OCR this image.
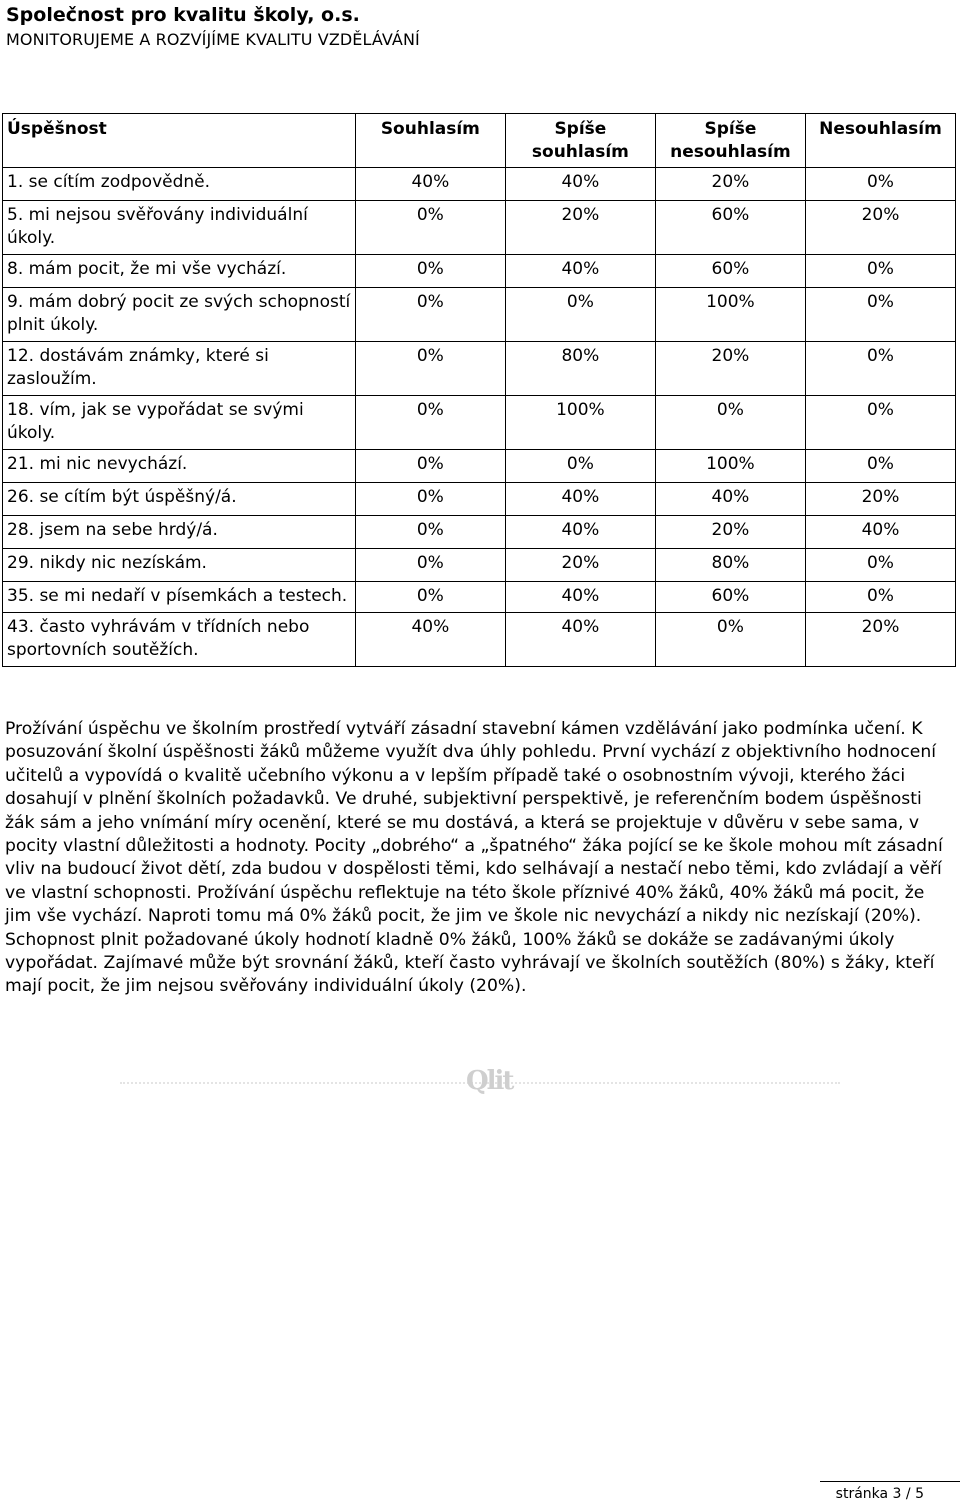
Společnost pro kvalitu školy, o.s.
MONITORUJEME A ROZVÍJÍME KVALITU VZDĚLÁVÁNÍ
Úspěšnost	Souhlasím	Spíše souhlasím	Spíše nesouhlasím	Nesouhlasím
1. se cítím zodpovědně.	40%	40%	20%	0%
5. mi nejsou svěřovány individuální úkoly.	0%	20%	60%	20%
8. mám pocit, že mi vše vychází.	0%	40%	60%	0%
9. mám dobrý pocit ze svých schopností plnit úkoly.	0%	0%	100%	0%
12. dostávám známky, které si zasloužím.	0%	80%	20%	0%
18. vím, jak se vypořádat se svými úkoly.	0%	100%	0%	0%
21. mi nic nevychází.	0%	0%	100%	0%
26. se cítím být úspěšný/á.	0%	40%	40%	20%
28. jsem na sebe hrdý/á.	0%	40%	20%	40%
29. nikdy nic nezískám.	0%	20%	80%	0%
35. se mi nedaří v písemkách a testech.	0%	40%	60%	0%
43. často vyhrávám v třídních nebo sportovních soutěžích.	40%	40%	0%	20%
Prožívání úspěchu ve školním prostředí vytváří zásadní stavební kámen vzdělávání jako podmínka učení. K posuzování školní úspěšnosti žáků můžeme využít dva úhly pohledu. První vychází z objektivního hodnocení učitelů a vypovídá o kvalitě učebního výkonu a v lepším případě také o osobnostním vývoji, kterého žáci dosahují v plnění školních požadavků. Ve druhé, subjektivní perspektivě, je referenčním bodem úspěšnosti žák sám a jeho vnímání míry ocenění, které se mu dostává, a která se projektuje v důvěru v sebe sama, v pocity vlastní důležitosti a hodnoty. Pocity „dobrého“ a „špatného“ žáka pojící se ke škole mohou mít zásadní vliv na budoucí život dětí, zda budou v dospělosti těmi, kdo selhávají a nestačí nebo těmi, kdo zvládají a věří ve vlastní schopnosti. Prožívání úspěchu reflektuje na této škole příznivé 40% žáků, 40% žáků má pocit, že jim vše vychází. Naproti tomu má 0% žáků pocit, že jim ve škole nic nevychází a nikdy nic nezískají (20%). Schopnost plnit požadované úkoly hodnotí kladně 0% žáků, 100% žáků se dokáže se zadávanými úkoly vypořádat. Zajímavé může být srovnání žáků, kteří často vyhrávají ve školních soutěžích (80%) s žáky, kteří mají pocit, že jim nejsou svěřovány individuální úkoly (20%).
Qlit
stránka 3 / 5
